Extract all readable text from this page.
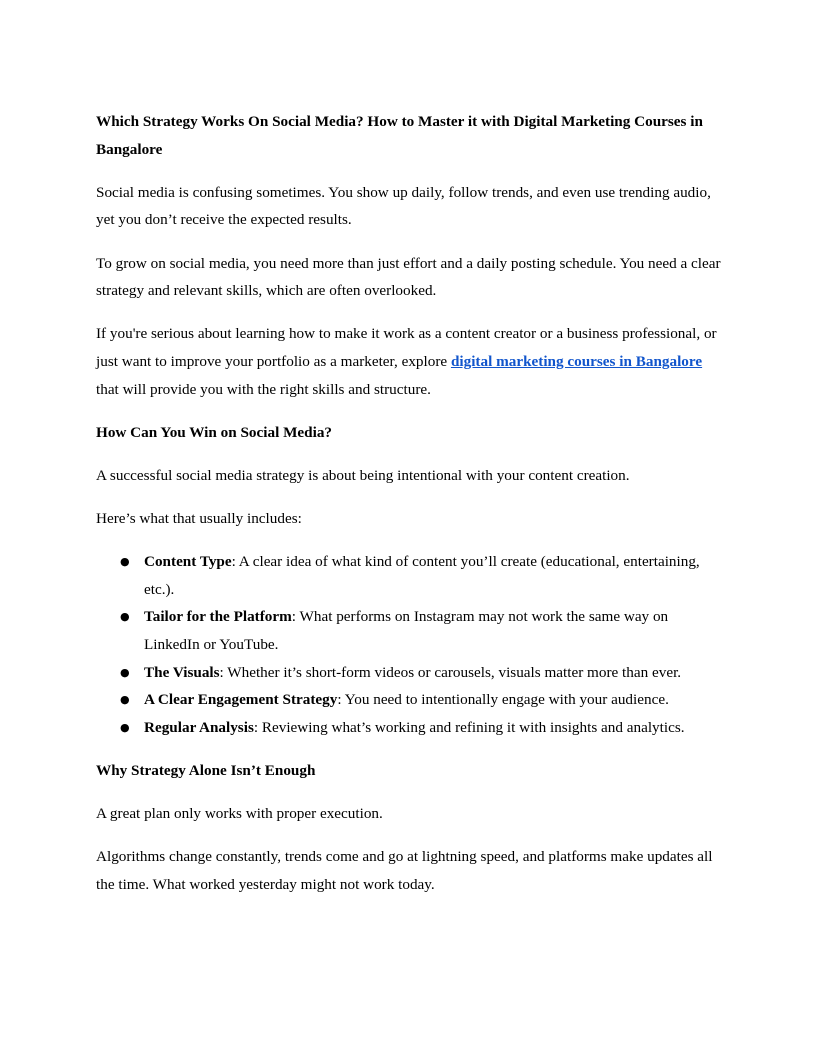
Which Strategy Works On Social Media? How to Master it with Digital Marketing Courses in Bangalore

Social media is confusing sometimes. You show up daily, follow trends, and even use trending audio, yet you don’t receive the expected results.

To grow on social media, you need more than just effort and a daily posting schedule. You need a clear strategy and relevant skills, which are often overlooked.

If you're serious about learning how to make it work as a content creator or a business professional, or just want to improve your portfolio as a marketer, explore digital marketing courses in Bangalore that will provide you with the right skills and structure.

How Can You Win on Social Media?

A successful social media strategy is about being intentional with your content creation.

Here’s what that usually includes:

● Content Type: A clear idea of what kind of content you’ll create (educational, entertaining, etc.).
● Tailor for the Platform: What performs on Instagram may not work the same way on LinkedIn or YouTube.
● The Visuals: Whether it’s short-form videos or carousels, visuals matter more than ever.
● A Clear Engagement Strategy: You need to intentionally engage with your audience.
● Regular Analysis: Reviewing what’s working and refining it with insights and analytics.

Why Strategy Alone Isn’t Enough

A great plan only works with proper execution.

Algorithms change constantly, trends come and go at lightning speed, and platforms make updates all the time. What worked yesterday might not work today.
